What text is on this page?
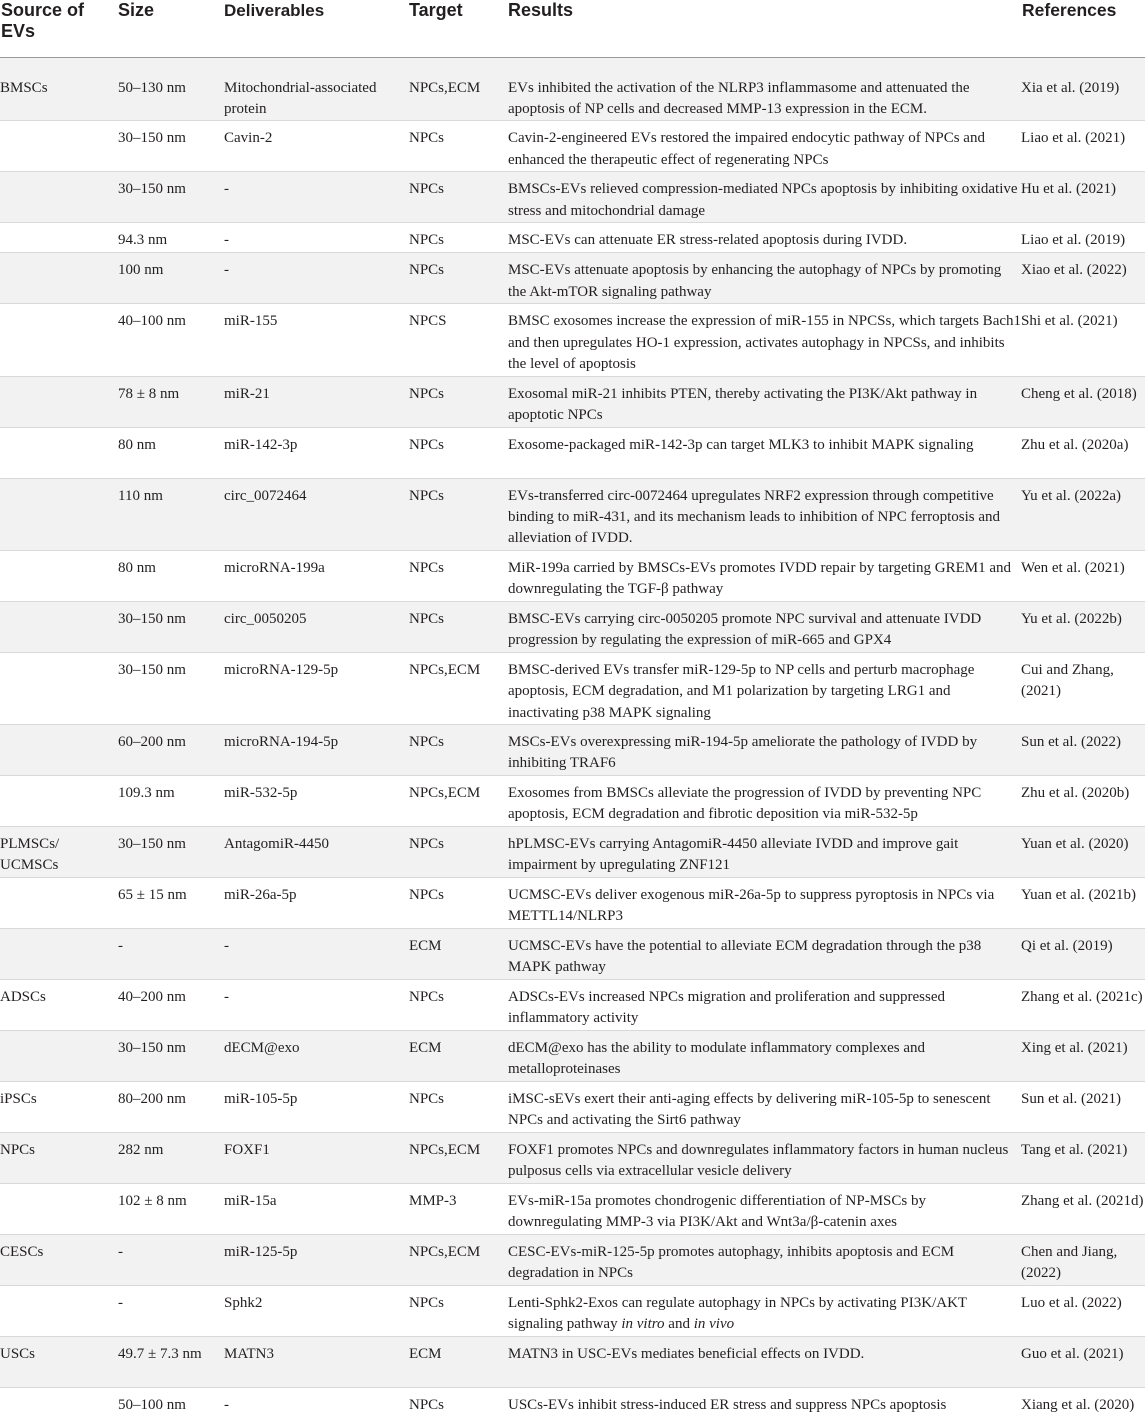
Source of EVs	Size	Deliverables	Target	Results	References
BMSCs	50–130 nm	Mitochondrial-associated protein	NPCs,ECM	EVs inhibited the activation of the NLRP3 inflammasome and attenuated the apoptosis of NP cells and decreased MMP-13 expression in the ECM.	Xia et al. (2019)
	30–150 nm	Cavin-2	NPCs	Cavin-2-engineered EVs restored the impaired endocytic pathway of NPCs and enhanced the therapeutic effect of regenerating NPCs	Liao et al. (2021)
	30–150 nm	-	NPCs	BMSCs-EVs relieved compression-mediated NPCs apoptosis by inhibiting oxidative stress and mitochondrial damage	Hu et al. (2021)
	94.3 nm	-	NPCs	MSC-EVs can attenuate ER stress-related apoptosis during IVDD.	Liao et al. (2019)
	100 nm	-	NPCs	MSC-EVs attenuate apoptosis by enhancing the autophagy of NPCs by promoting the Akt-mTOR signaling pathway	Xiao et al. (2022)
	40–100 nm	miR-155	NPCS	BMSC exosomes increase the expression of miR-155 in NPCSs, which targets Bach1 and then upregulates HO-1 expression, activates autophagy in NPCSs, and inhibits the level of apoptosis	Shi et al. (2021)
	78 ± 8 nm	miR-21	NPCs	Exosomal miR-21 inhibits PTEN, thereby activating the PI3K/Akt pathway in apoptotic NPCs	Cheng et al. (2018)
	80 nm	miR-142-3p	NPCs	Exosome-packaged miR-142-3p can target MLK3 to inhibit MAPK signaling	Zhu et al. (2020a)
	110 nm	circ_0072464	NPCs	EVs-transferred circ-0072464 upregulates NRF2 expression through competitive binding to miR-431, and its mechanism leads to inhibition of NPC ferroptosis and alleviation of IVDD.	Yu et al. (2022a)
	80 nm	microRNA-199a	NPCs	MiR-199a carried by BMSCs-EVs promotes IVDD repair by targeting GREM1 and downregulating the TGF-β pathway	Wen et al. (2021)
	30–150 nm	circ_0050205	NPCs	BMSC-EVs carrying circ-0050205 promote NPC survival and attenuate IVDD progression by regulating the expression of miR-665 and GPX4	Yu et al. (2022b)
	30–150 nm	microRNA-129-5p	NPCs,ECM	BMSC-derived EVs transfer miR-129-5p to NP cells and perturb macrophage apoptosis, ECM degradation, and M1 polarization by targeting LRG1 and inactivating p38 MAPK signaling	Cui and Zhang, (2021)
	60–200 nm	microRNA-194-5p	NPCs	MSCs-EVs overexpressing miR-194-5p ameliorate the pathology of IVDD by inhibiting TRAF6	Sun et al. (2022)
	109.3 nm	miR-532-5p	NPCs,ECM	Exosomes from BMSCs alleviate the progression of IVDD by preventing NPC apoptosis, ECM degradation and fibrotic deposition via miR-532-5p	Zhu et al. (2020b)
PLMSCs/ UCMSCs	30–150 nm	AntagomiR-4450	NPCs	hPLMSC-EVs carrying AntagomiR-4450 alleviate IVDD and improve gait impairment by upregulating ZNF121	Yuan et al. (2020)
	65 ± 15 nm	miR-26a-5p	NPCs	UCMSC-EVs deliver exogenous miR-26a-5p to suppress pyroptosis in NPCs via METTL14/NLRP3	Yuan et al. (2021b)
	-	-	ECM	UCMSC-EVs have the potential to alleviate ECM degradation through the p38 MAPK pathway	Qi et al. (2019)
ADSCs	40–200 nm	-	NPCs	ADSCs-EVs increased NPCs migration and proliferation and suppressed inflammatory activity	Zhang et al. (2021c)
	30–150 nm	dECM@exo	ECM	dECM@exo has the ability to modulate inflammatory complexes and metalloproteinases	Xing et al. (2021)
iPSCs	80–200 nm	miR-105-5p	NPCs	iMSC-sEVs exert their anti-aging effects by delivering miR-105-5p to senescent NPCs and activating the Sirt6 pathway	Sun et al. (2021)
NPCs	282 nm	FOXF1	NPCs,ECM	FOXF1 promotes NPCs and downregulates inflammatory factors in human nucleus pulposus cells via extracellular vesicle delivery	Tang et al. (2021)
	102 ± 8 nm	miR-15a	MMP-3	EVs-miR-15a promotes chondrogenic differentiation of NP-MSCs by downregulating MMP-3 via PI3K/Akt and Wnt3a/β-catenin axes	Zhang et al. (2021d)
CESCs	-	miR-125-5p	NPCs,ECM	CESC-EVs-miR-125-5p promotes autophagy, inhibits apoptosis and ECM degradation in NPCs	Chen and Jiang, (2022)
	-	Sphk2	NPCs	Lenti-Sphk2-Exos can regulate autophagy in NPCs by activating PI3K/AKT signaling pathway in vitro and in vivo	Luo et al. (2022)
USCs	49.7 ± 7.3 nm	MATN3	ECM	MATN3 in USC-EVs mediates beneficial effects on IVDD.	Guo et al. (2021)
	50–100 nm	-	NPCs	USCs-EVs inhibit stress-induced ER stress and suppress NPCs apoptosis	Xiang et al. (2020)
